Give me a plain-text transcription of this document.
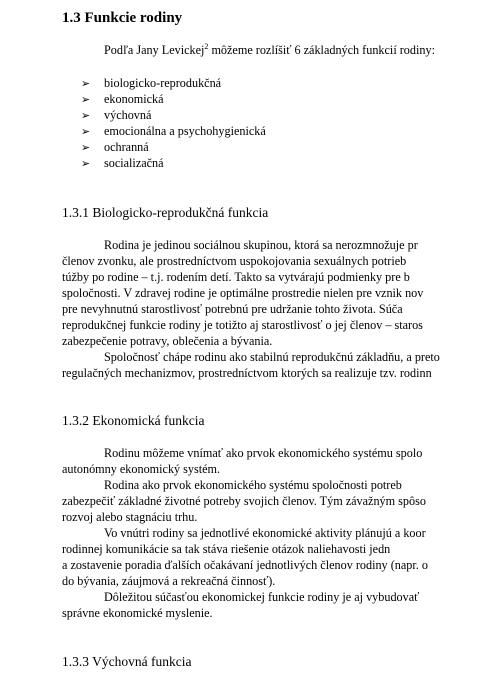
1.3 Funkcie rodiny
Podľa Jany Levickej$^2$ môžeme rozlíšiť 6 základných funkcií rodiny:
➢ biologicko-reprodukčná
➢ ekonomická
➢ výchovná
➢ emocionálna a psychohygienická
➢ ochranná
➢ socializačná
1.3.1 Biologicko-reprodukčná funkcia
Rodina je jedinou sociálnou skupinou, ktorá sa nerozmnožuje pr
členov zvonku, ale prostredníctvom uspokojovania sexuálnych potrieb
túžby po rodine – t.j. rodením detí. Takto sa vytvárajú podmienky pre b
spoločnosti. V zdravej rodine je optimálne prostredie nielen pre vznik nov
pre nevyhnutnú starostlivosť potrebnú pre udržanie tohto života. Súča
reprodukčnej funkcie rodiny je totižto aj starostlivosť o jej členov – staros
zabezpečenie potravy, oblečenia a bývania.
Spoločnosť chápe rodinu ako stabilnú reprodukčnú základňu, a preto
regulačných mechanizmov, prostredníctvom ktorých sa realizuje tzv. rodinn
1.3.2 Ekonomická funkcia
Rodinu môžeme vnímať ako prvok ekonomického systému spolo
autonómny ekonomický systém.
Rodina ako prvok ekonomického systému spoločnosti potreb
zabezpečiť základné životné potreby svojich členov. Tým závažným spôso
rozvoj alebo stagnáciu trhu.
Vo vnútri rodiny sa jednotlivé ekonomické aktivity plánujú a koor
rodinnej komunikácie sa tak stáva riešenie otázok naliehavosti jedn
a zostavenie poradia ďalších očakávaní jednotlivých členov rodiny (napr. o
do bývania, záujmová a rekreačná činnosť).
Dôležitou súčasťou ekonomickej funkcie rodiny je aj vybudovať
správne ekonomické myslenie.
1.3.3 Výchovná funkcia
